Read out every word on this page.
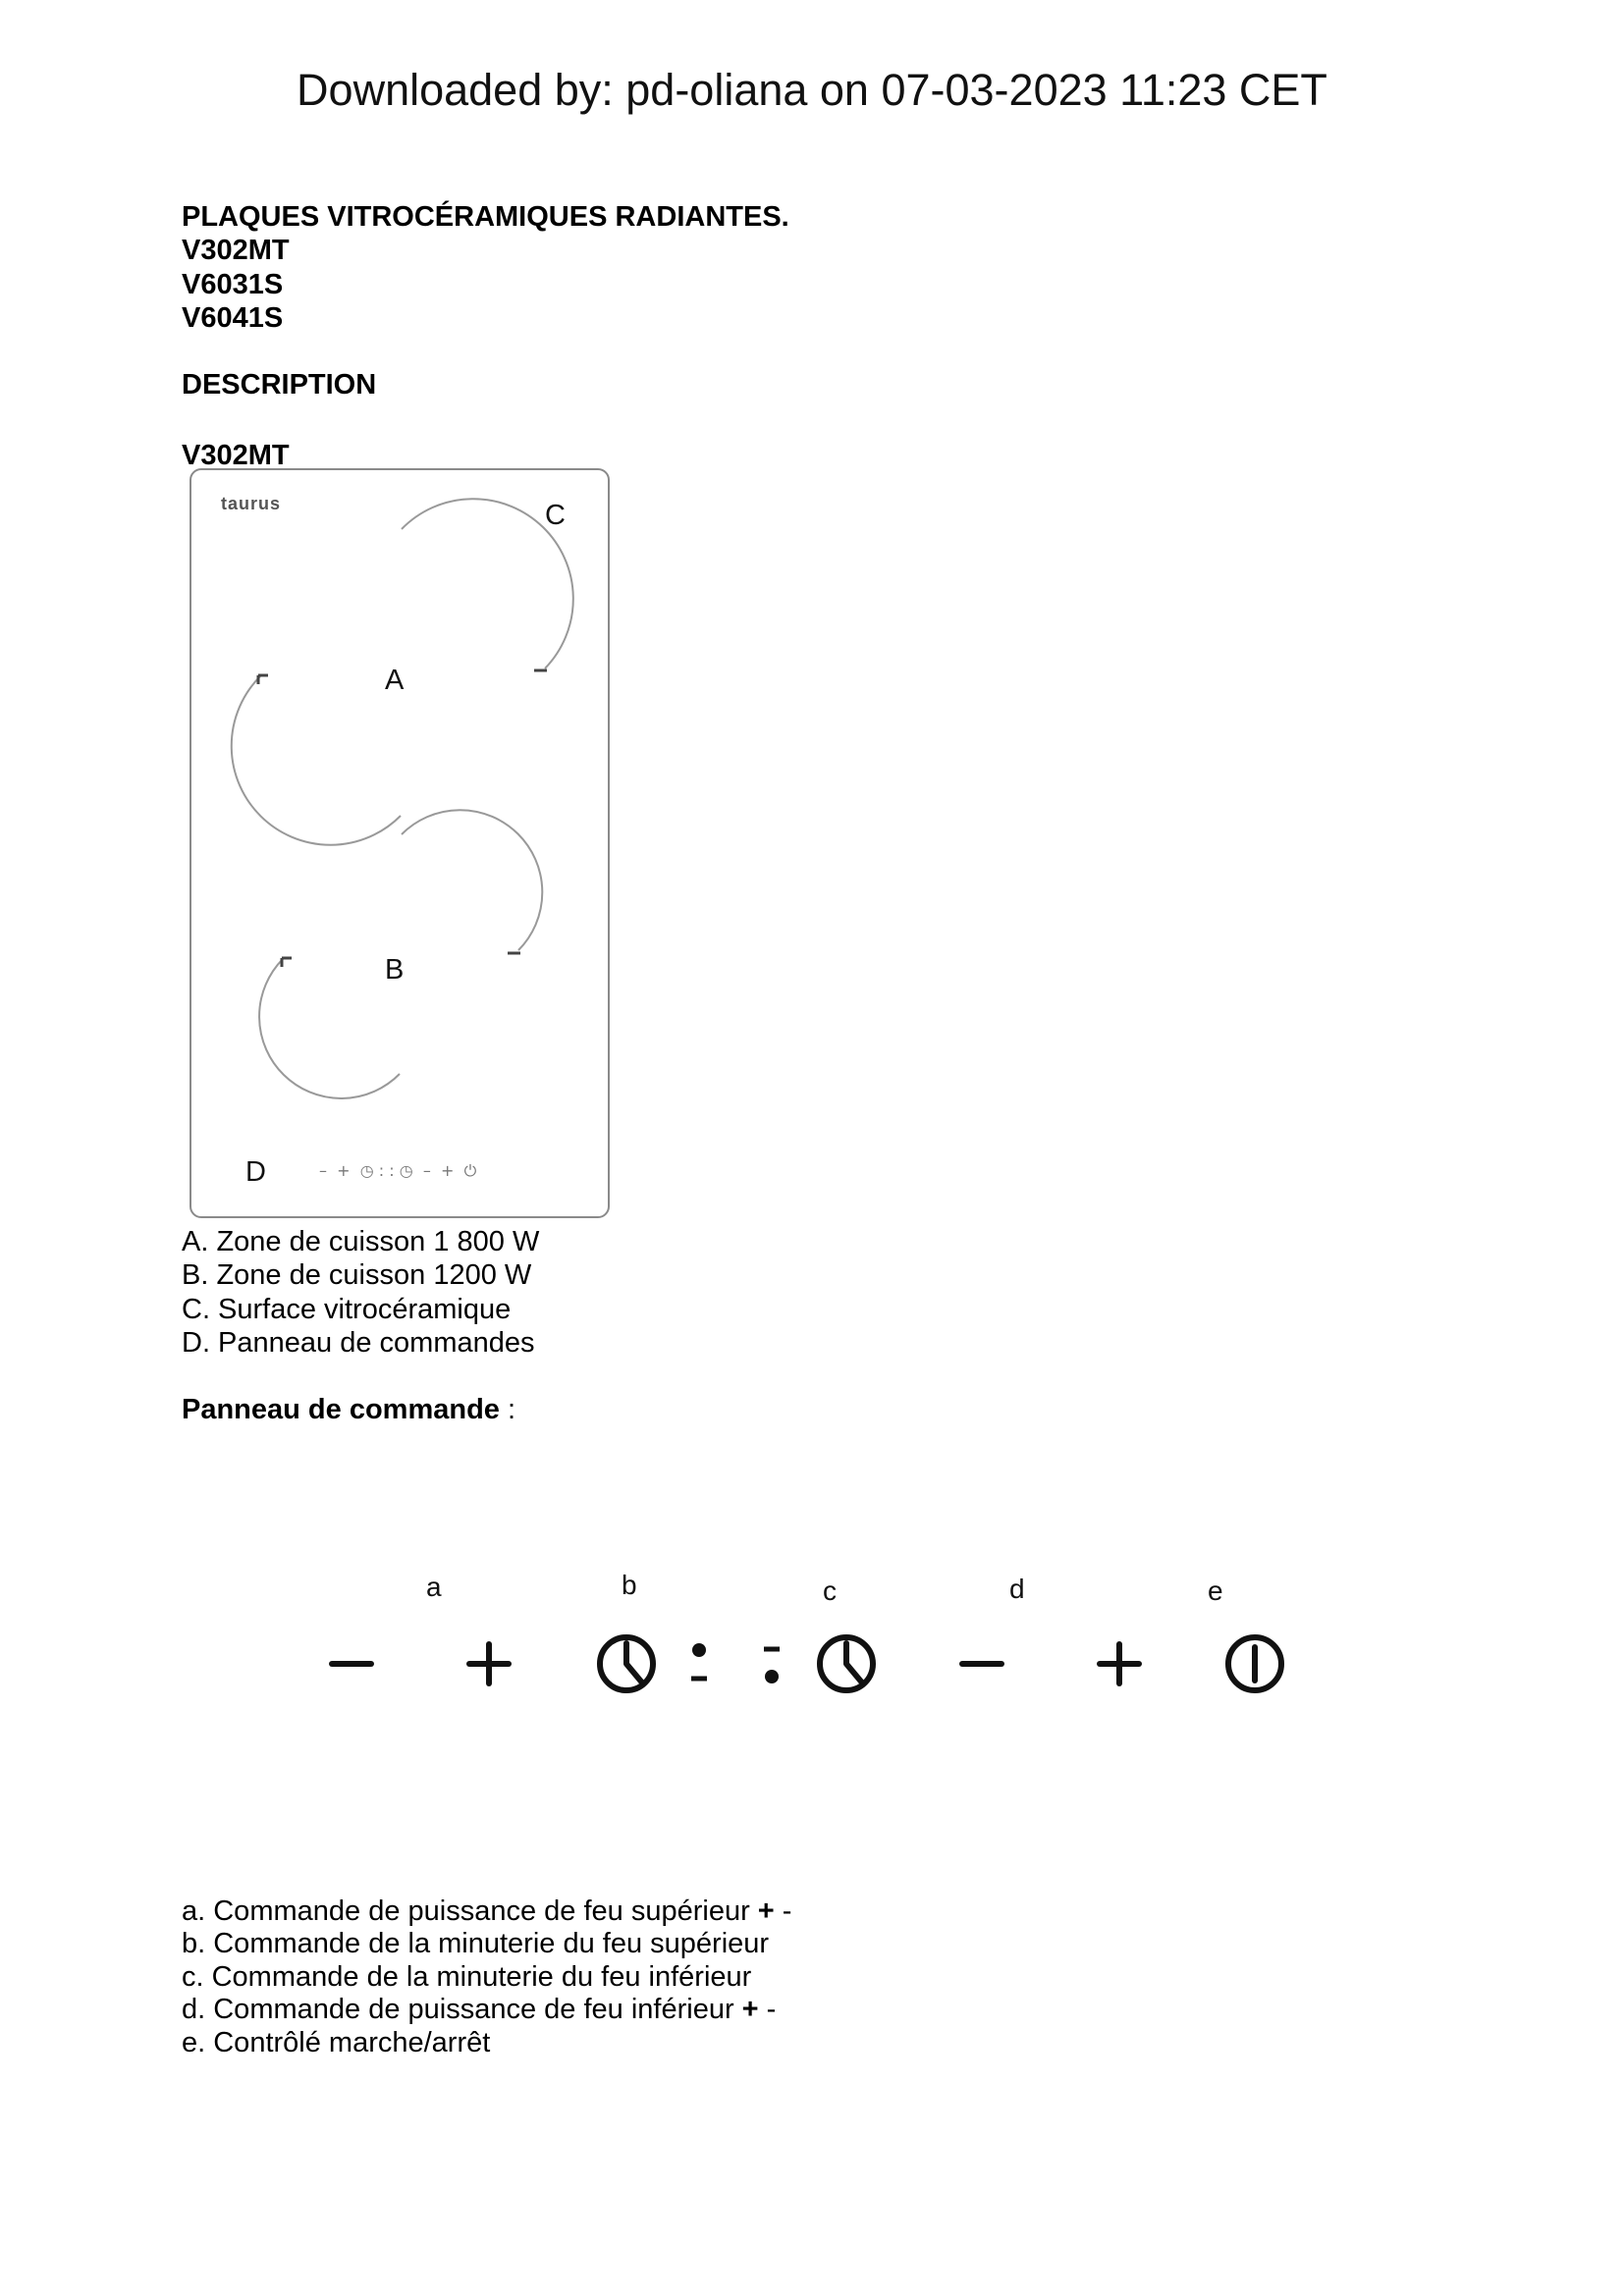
Downloaded by: pd-oliana on 07-03-2023 11:23 CET
PLAQUES VITROCÉRAMIQUES RADIANTES.
V302MT
V6031S
V6041S
DESCRIPTION
V302MT
taurus	C
A
B
D	–  +  ◷ : : ◷  –  +  ⏻
A. Zone de cuisson 1 800 W
B. Zone de cuisson 1200 W
C. Surface vitrocéramique
D. Panneau de commandes
Panneau de commande :
a	b	c	d	e
a. Commande de puissance de feu supérieur + -
b. Commande de la minuterie du feu supérieur
c. Commande de la minuterie du feu inférieur
d. Commande de puissance de feu inférieur + -
e. Contrôlé marche/arrêt
